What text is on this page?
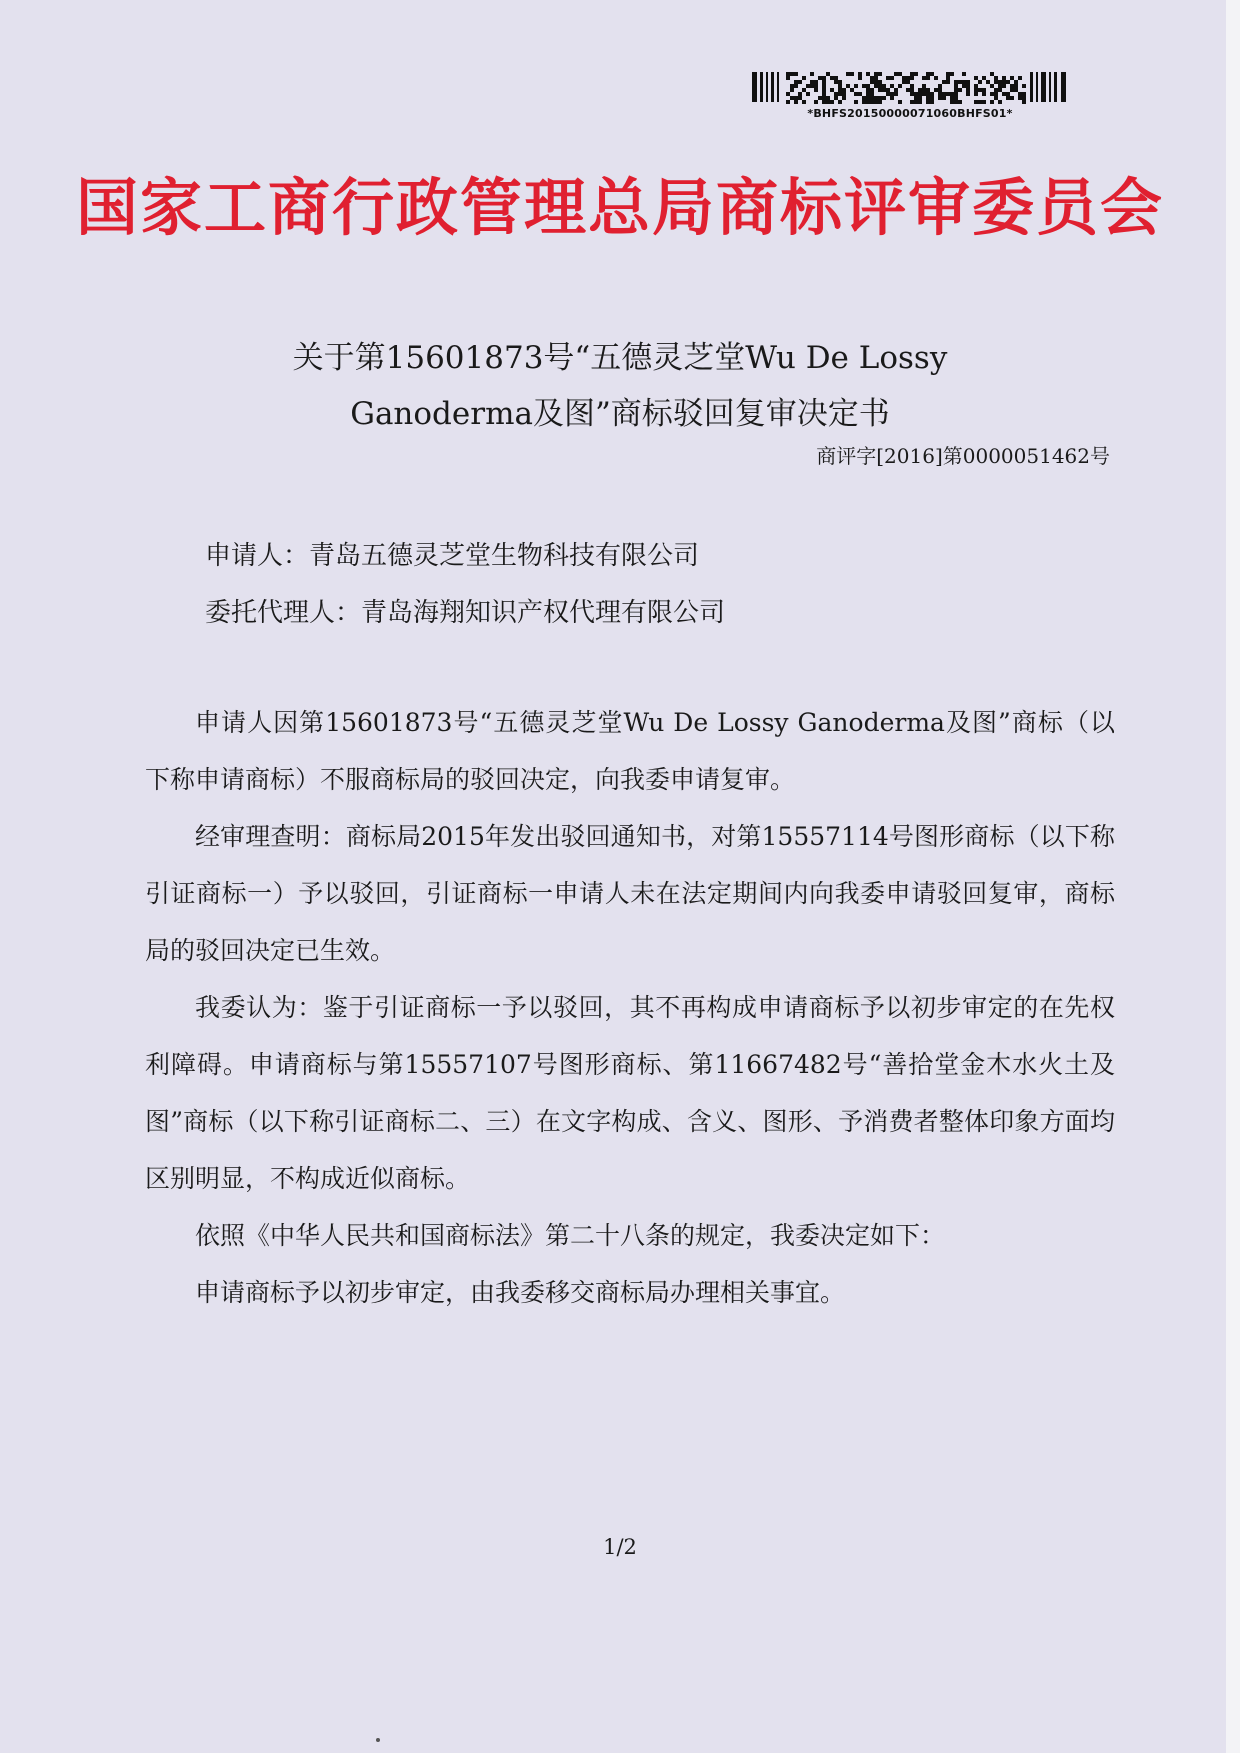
*BHFS20150000071060BHFS01*
国家工商行政管理总局商标评审委员会
关于第15601873号“五德灵芝堂Wu De Lossy
Ganoderma及图”商标驳回复审决定书
商评字[2016]第0000051462号
申请人：青岛五德灵芝堂生物科技有限公司
委托代理人：青岛海翔知识产权代理有限公司

申请人因第15601873号“五德灵芝堂Wu De Lossy Ganoderma及图”商标（以下称申请商标）不服商标局的驳回决定，向我委申请复审。

经审理查明：商标局2015年发出驳回通知书，对第15557114号图形商标（以下称引证商标一）予以驳回，引证商标一申请人未在法定期间内向我委申请驳回复审，商标局的驳回决定已生效。

我委认为：鉴于引证商标一予以驳回，其不再构成申请商标予以初步审定的在先权利障碍。申请商标与第15557107号图形商标、第11667482号“善拾堂金木水火土及图”商标（以下称引证商标二、三）在文字构成、含义、图形、予消费者整体印象方面均区别明显，不构成近似商标。

依照《中华人民共和国商标法》第二十八条的规定，我委决定如下：

申请商标予以初步审定，由我委移交商标局办理相关事宜。

1/2
